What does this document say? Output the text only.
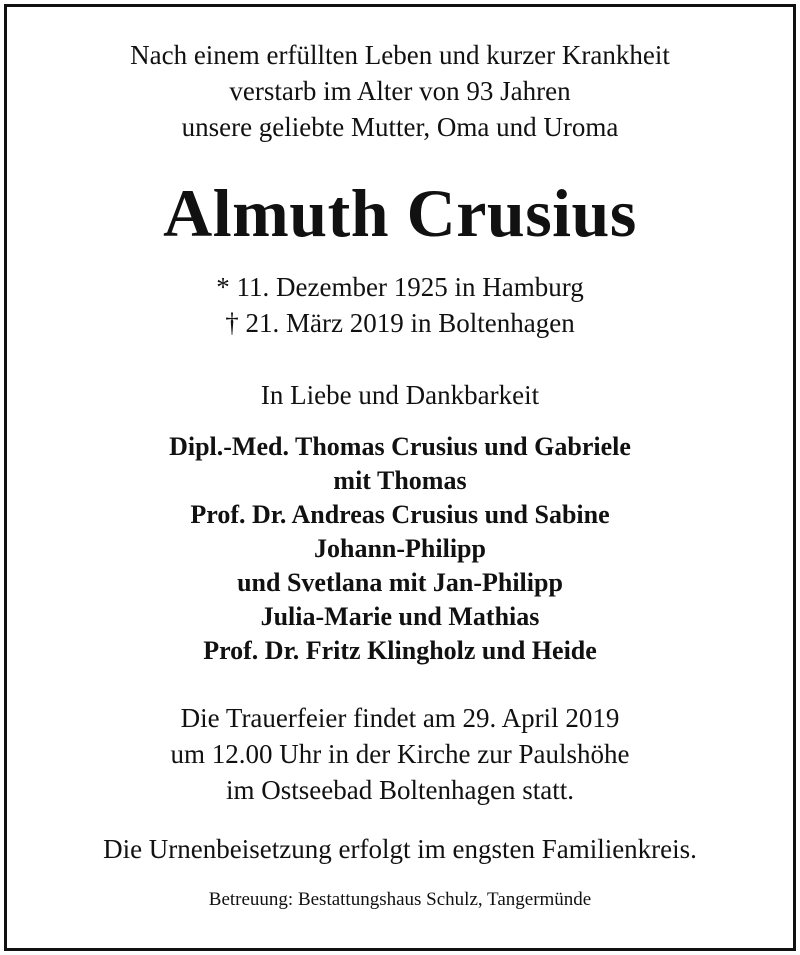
Nach einem erfüllten Leben und kurzer Krankheit
verstarb im Alter von 93 Jahren
unsere geliebte Mutter, Oma und Uroma
Almuth Crusius
* 11. Dezember 1925 in Hamburg
† 21. März 2019 in Boltenhagen
In Liebe und Dankbarkeit
Dipl.-Med. Thomas Crusius und Gabriele
mit Thomas
Prof. Dr. Andreas Crusius und Sabine
Johann-Philipp
und Svetlana mit Jan-Philipp
Julia-Marie und Mathias
Prof. Dr. Fritz Klingholz und Heide
Die Trauerfeier findet am 29. April 2019
um 12.00 Uhr in der Kirche zur Paulshöhe
im Ostseebad Boltenhagen statt.
Die Urnenbeisetzung erfolgt im engsten Familienkreis.
Betreuung: Bestattungshaus Schulz, Tangermünde
